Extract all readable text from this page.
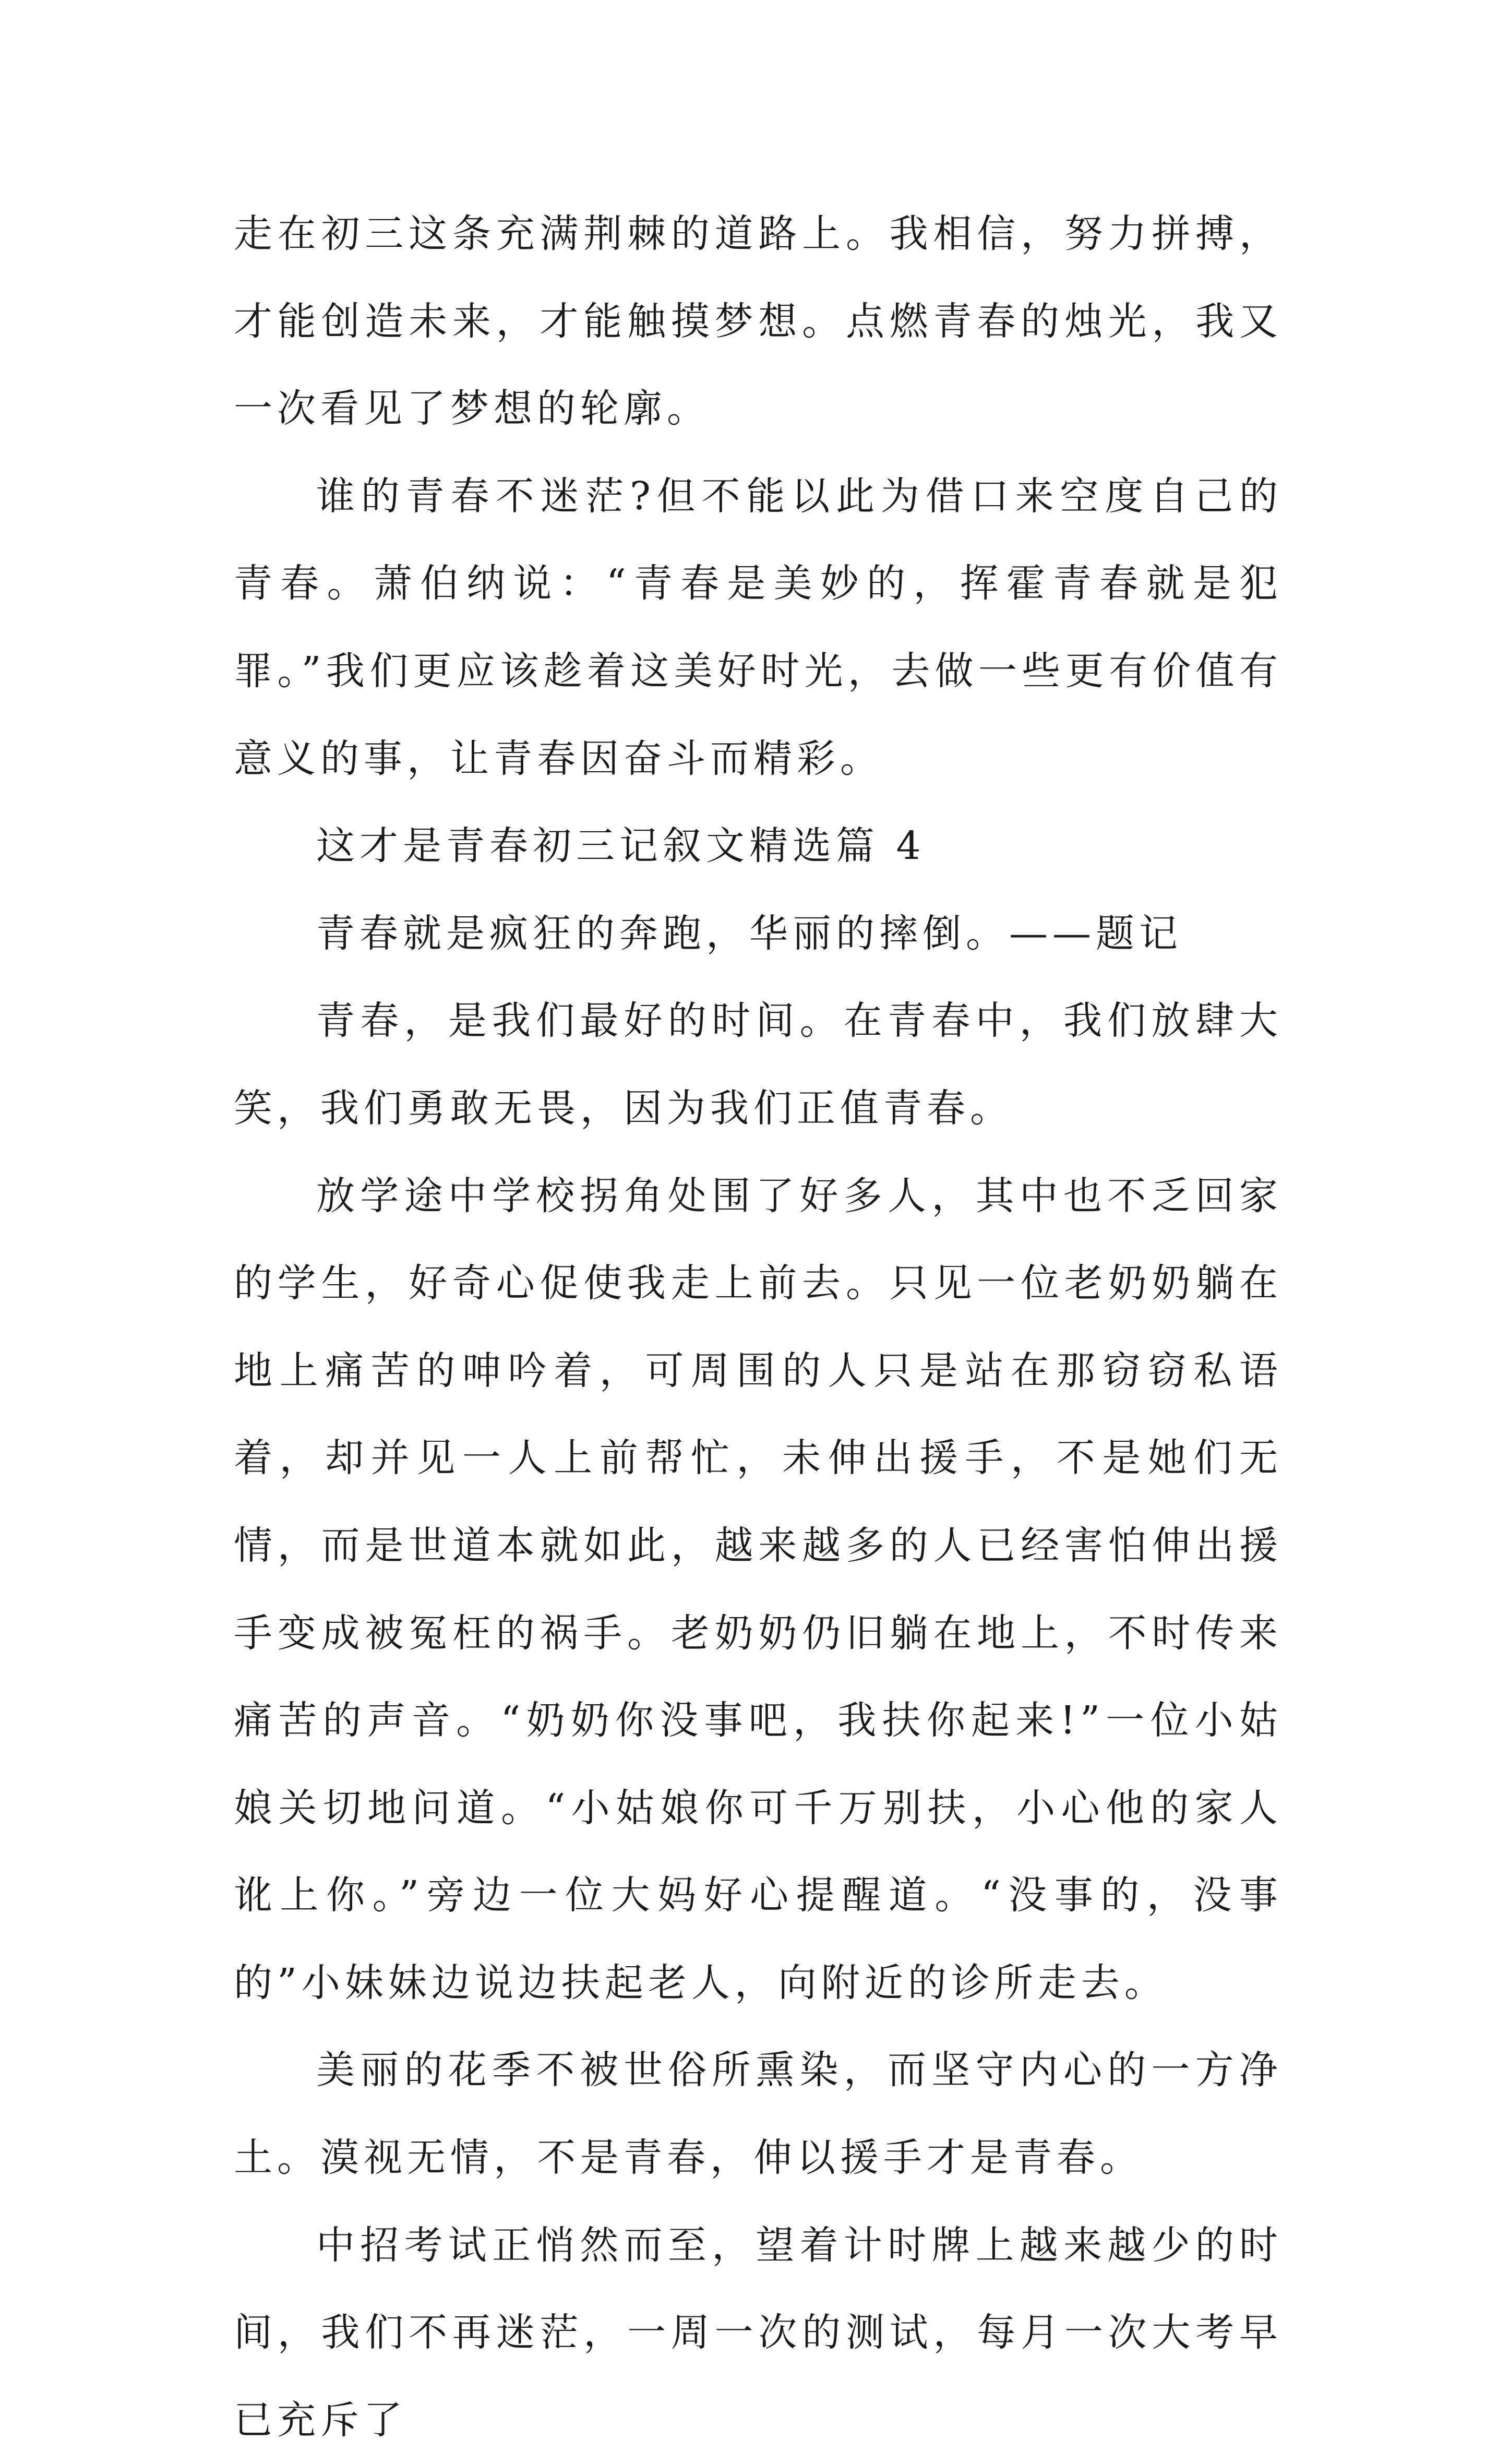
走在初三这条充满荆棘的道路上。我相信，努力拼搏，才能创造未来，才能触摸梦想。点燃青春的烛光，我又一次看见了梦想的轮廓。

谁的青春不迷茫?但不能以此为借口来空度自己的青春。萧伯纳说：“青春是美妙的，挥霍青春就是犯罪。”我们更应该趁着这美好时光，去做一些更有价值有意义的事，让青春因奋斗而精彩。

这才是青春初三记叙文精选篇 4

青春就是疯狂的奔跑，华丽的摔倒。——题记

青春，是我们最好的时间。在青春中，我们放肆大笑，我们勇敢无畏，因为我们正值青春。

放学途中学校拐角处围了好多人，其中也不乏回家的学生，好奇心促使我走上前去。只见一位老奶奶躺在地上痛苦的呻吟着，可周围的人只是站在那窃窃私语着，却并见一人上前帮忙，未伸出援手，不是她们无情，而是世道本就如此，越来越多的人已经害怕伸出援手变成被冤枉的祸手。老奶奶仍旧躺在地上，不时传来痛苦的声音。“奶奶你没事吧，我扶你起来!”一位小姑娘关切地问道。“小姑娘你可千万别扶，小心他的家人讹上你。”旁边一位大妈好心提醒道。“没事的，没事的”小妹妹边说边扶起老人，向附近的诊所走去。

美丽的花季不被世俗所熏染，而坚守内心的一方净土。漠视无情，不是青春，伸以援手才是青春。

中招考试正悄然而至，望着计时牌上越来越少的时间，我们不再迷茫，一周一次的测试，每月一次大考早已充斥了
